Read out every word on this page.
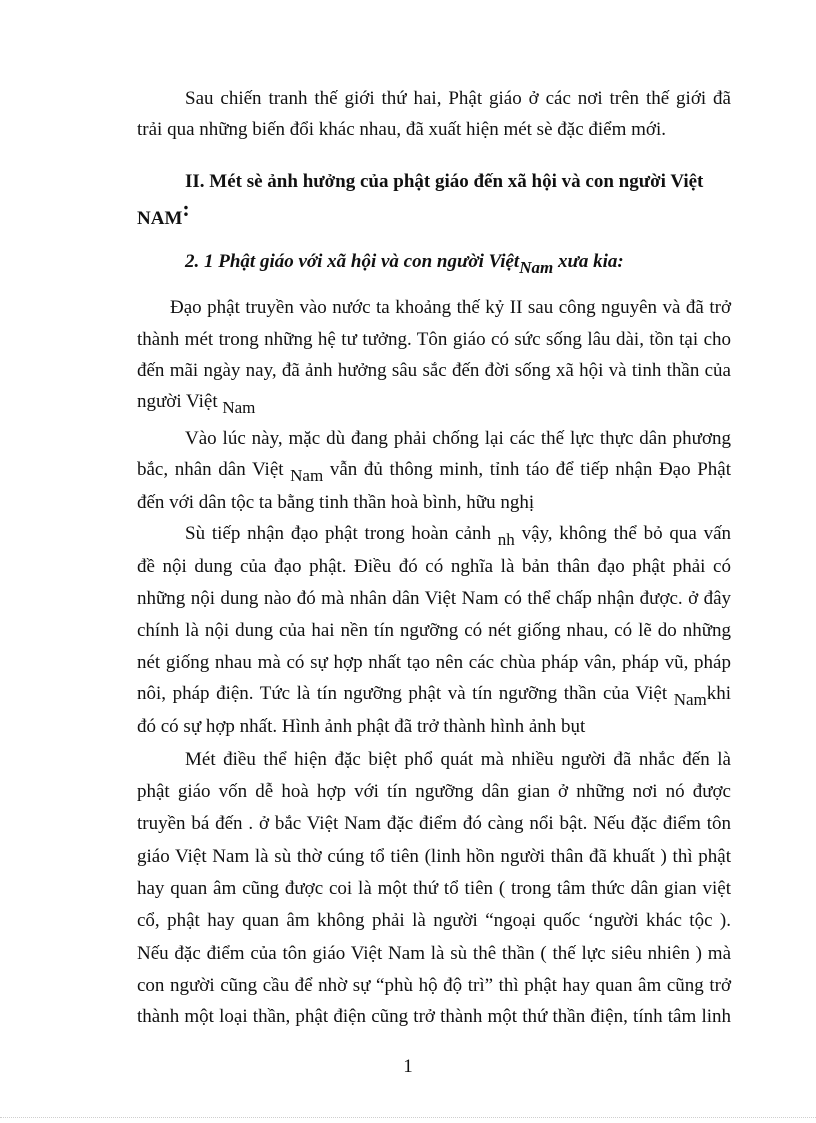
Sau chiến tranh thế giới thứ hai, Phật giáo ở các nơi trên thế giới đã
trải qua những biến đổi khác nhau, đã xuất hiện mét sè đặc điểm mới.
II. Mét sè ảnh hưởng của phật giáo đến xã hội và con người Việt
NAM:
2. 1 Phật giáo với xã hội và con người ViệtNam xưa kia:
Đạo phật truyền vào nước ta khoảng thế kỷ II sau công nguyên và đã trở
thành mét trong những hệ tư tưởng. Tôn giáo có sức sống lâu dài, tồn tại cho
đến mãi ngày nay, đã ảnh hưởng sâu sắc đến đời sống xã hội và tinh thần của
người Việt Nam
Vào lúc này, mặc dù đang phải chống lại các thế lực thực dân phương
bắc, nhân dân Việt Nam vẫn đủ thông minh, tỉnh táo để tiếp nhận Đạo Phật
đến với dân tộc ta bằng tinh thần hoà bình, hữu nghị
Sù tiếp nhận đạo phật trong hoàn cảnh nh vậy, không thể bỏ qua vấn
đề nội dung của đạo phật. Điều đó có nghĩa là bản thân đạo phật phải có
những nội dung nào đó mà nhân dân Việt Nam có thể chấp nhận được. ở đây
chính là nội dung của hai nền tín ngưỡng có nét giống nhau, có lẽ do những
nét giống nhau mà có sự hợp nhất tạo nên các chùa pháp vân, pháp vũ, pháp
nôi, pháp điện. Tức là tín ngưỡng phật và tín ngưỡng thần của Việt Namkhi
đó có sự hợp nhất. Hình ảnh phật đã trở thành hình ảnh bụt
Mét điều thể hiện đặc biệt phổ quát mà nhiều người đã nhắc đến là
phật giáo vốn dễ hoà hợp với tín ngưỡng dân gian ở những nơi nó được
truyền bá đến . ở bắc Việt Nam đặc điểm đó càng nổi bật. Nếu đặc điểm tôn
giáo Việt Nam là sù thờ cúng tổ tiên (linh hồn người thân đã khuất ) thì phật
hay quan âm cũng được coi là một thứ tổ tiên ( trong tâm thức dân gian việt
cổ, phật hay quan âm không phải là người “ngoại quốc ‘người khác tộc ).
Nếu đặc điểm của tôn giáo Việt Nam là sù thê thần ( thế lực siêu nhiên ) mà
con người cũng cầu để nhờ sự “phù hộ độ trì” thì phật hay quan âm cũng trở
thành một loại thần, phật điện cũng trở thành một thứ thần điện, tính tâm linh
1
